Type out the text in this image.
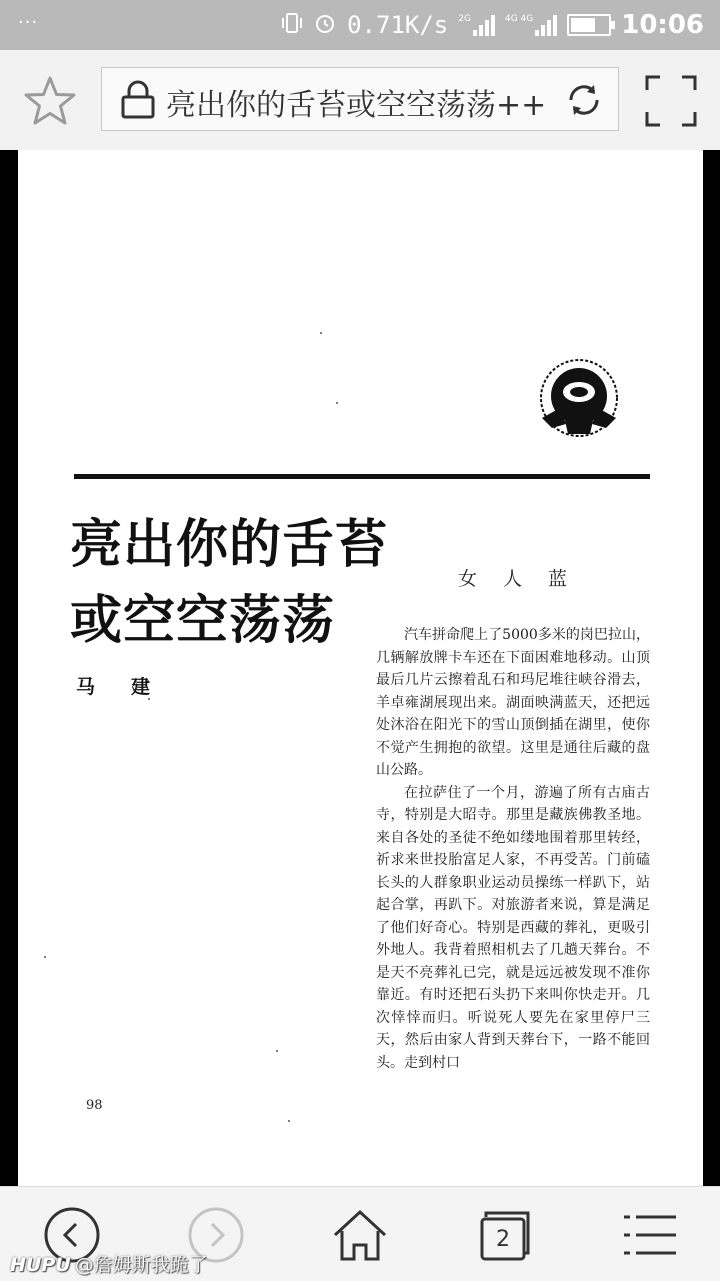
···	0.71K/s 2G	4G 4G	10:06
亮出你的舌苔或空空荡荡++
亮出你的舌苔
或空空荡荡
马建
女人蓝

汽车拼命爬上了5000多米的岗巴拉山，几辆解放牌卡车还在下面困难地移动。山顶最后几片云擦着乱石和玛尼堆往峡谷滑去，羊卓雍湖展现出来。湖面映满蓝天，还把远处沐浴在阳光下的雪山顶倒插在湖里，使你不觉产生拥抱的欲望。这里是通往后藏的盘山公路。

在拉萨住了一个月，游遍了所有古庙古寺，特别是大昭寺。那里是藏族佛教圣地。来自各处的圣徒不绝如缕地围着那里转经，祈求来世投胎富足人家，不再受苦。门前磕长头的人群象职业运动员操练一样趴下，站起合掌，再趴下。对旅游者来说，算是满足了他们好奇心。特别是西藏的葬礼，更吸引外地人。我背着照相机去了几趟天葬台。不是天不亮葬礼已完，就是远远被发现不准你靠近。有时还把石头扔下来叫你快走开。几次悻悻而归。听说死人要先在家里停尸三天，然后由家人背到天葬台下，一路不能回头。走到村口

98
2
HUPU @詹姆斯我跪了
